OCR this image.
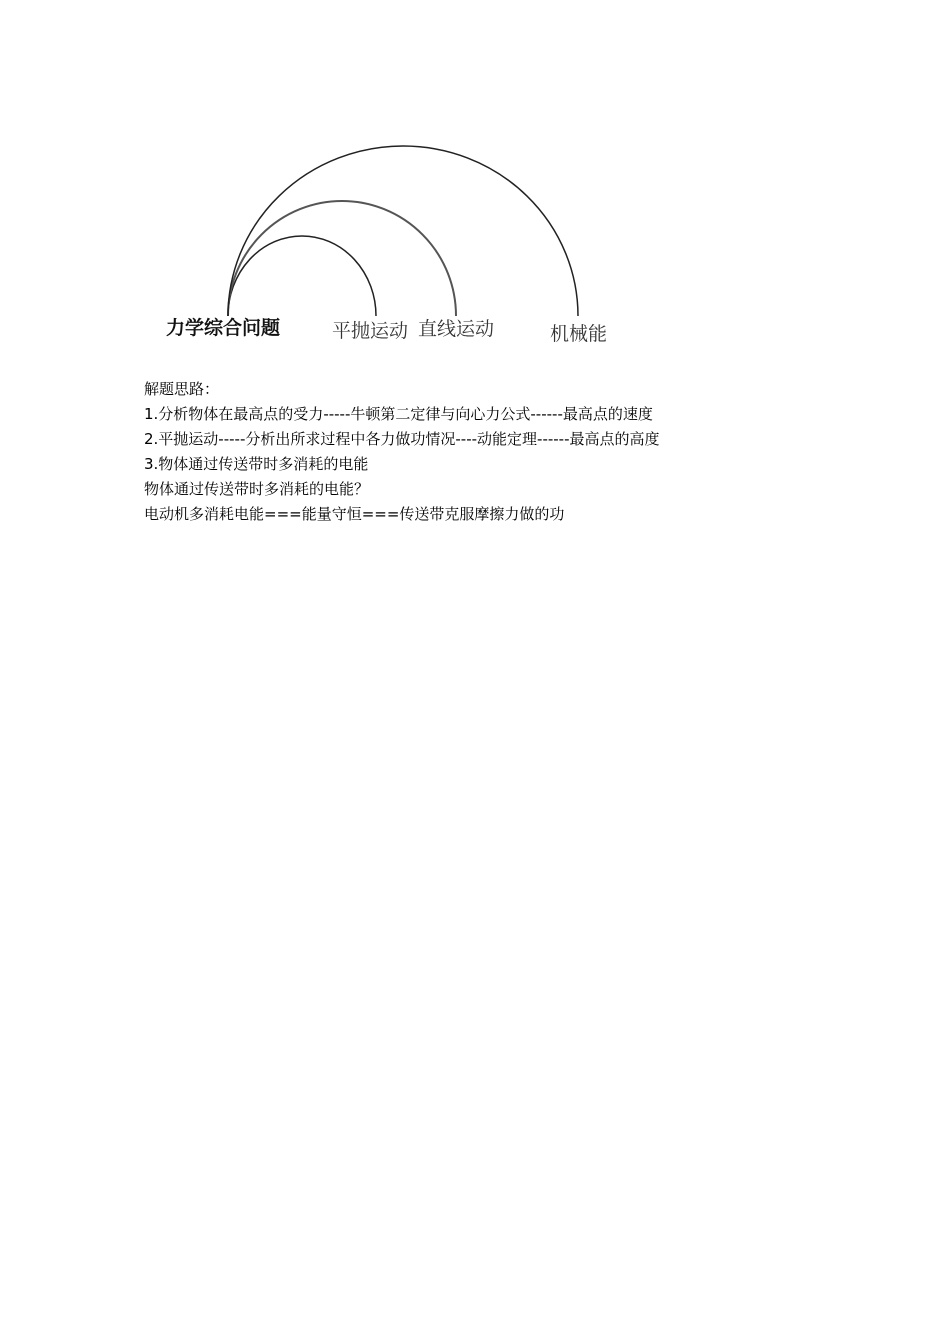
力学综合问题	平抛运动 直线运动	机械能
解题思路：
1.分析物体在最高点的受力-----牛顿第二定律与向心力公式------最高点的速度
2.平抛运动-----分析出所求过程中各力做功情况----动能定理------最高点的高度
3.物体通过传送带时多消耗的电能
物体通过传送带时多消耗的电能？
电动机多消耗电能===能量守恒===传送带克服摩擦力做的功
